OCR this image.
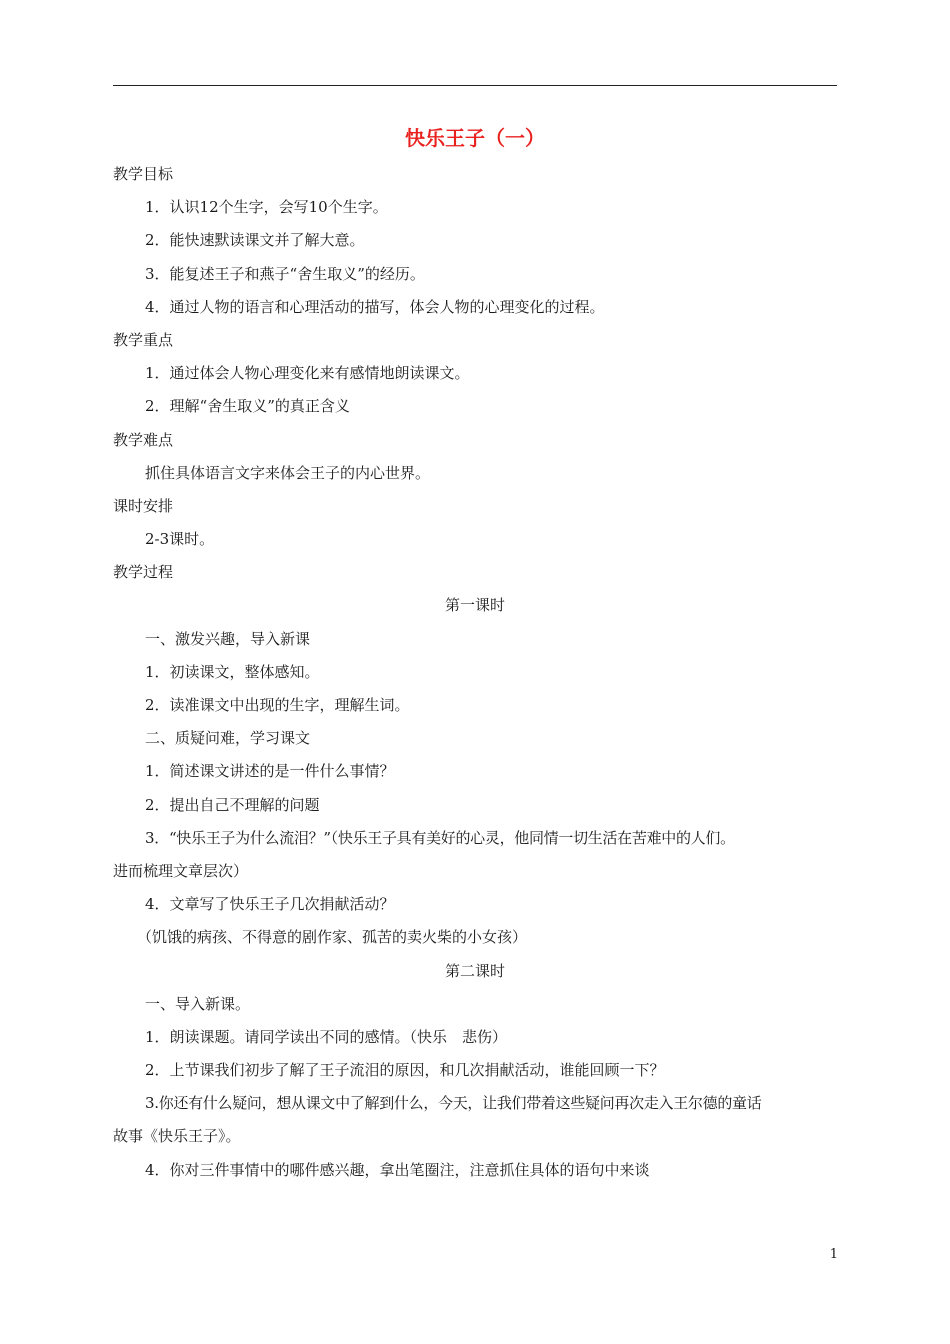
快乐王子（一）

教学目标

1．认识12个生字，会写10个生字。

2．能快速默读课文并了解大意。

3．能复述王子和燕子“舍生取义”的经历。

4．通过人物的语言和心理活动的描写，体会人物的心理变化的过程。

教学重点

1．通过体会人物心理变化来有感情地朗读课文。

2．理解“舍生取义”的真正含义

教学难点

抓住具体语言文字来体会王子的内心世界。

课时安排

2-3课时。

教学过程

第一课时

一、激发兴趣，导入新课

1．初读课文，整体感知。

2．读准课文中出现的生字，理解生词。

二、质疑问难，学习课文

1．简述课文讲述的是一件什么事情？

2．提出自己不理解的问题

3．“快乐王子为什么流泪？”（快乐王子具有美好的心灵，他同情一切生活在苦难中的人们。

进而梳理文章层次）

4．文章写了快乐王子几次捐献活动？

（饥饿的病孩、不得意的剧作家、孤苦的卖火柴的小女孩）

第二课时

一、导入新课。

1．朗读课题。请同学读出不同的感情。（快乐　悲伤）

2．上节课我们初步了解了王子流泪的原因，和几次捐献活动，谁能回顾一下？

3.你还有什么疑问，想从课文中了解到什么，今天，让我们带着这些疑问再次走入王尔德的童话

故事《快乐王子》。

4．你对三件事情中的哪件感兴趣，拿出笔圈注，注意抓住具体的语句中来谈

1
